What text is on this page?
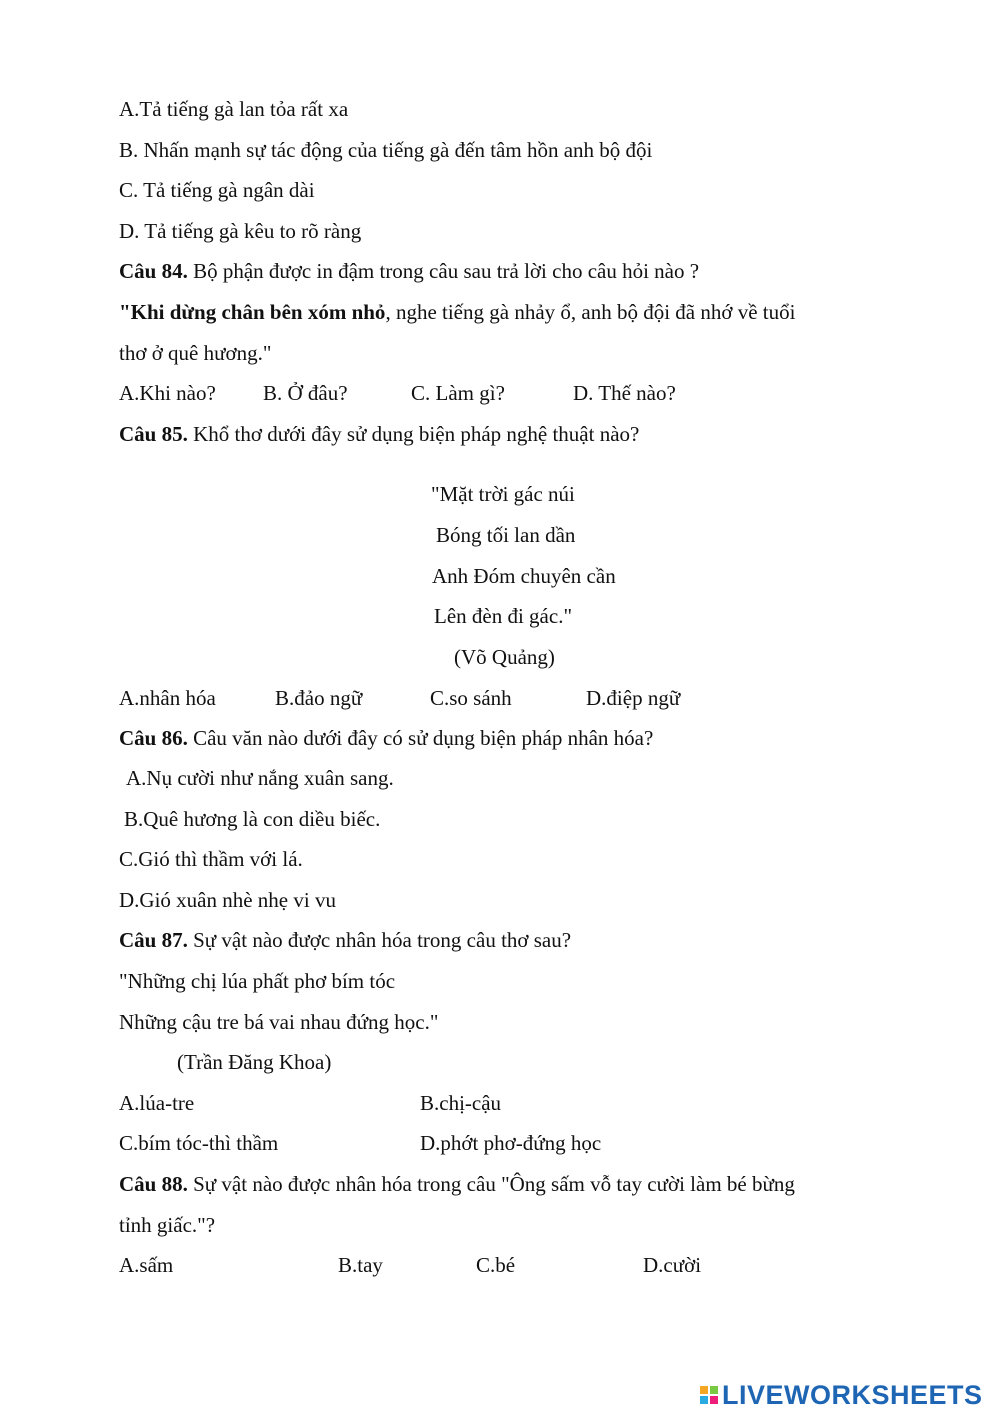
A.Tả tiếng gà lan tỏa rất xa
B. Nhấn mạnh sự tác động của tiếng gà đến tâm hồn anh bộ đội
C. Tả tiếng gà ngân dài
D. Tả tiếng gà kêu to rõ ràng
Câu 84. Bộ phận được in đậm trong câu sau trả lời cho câu hỏi nào ?
"Khi dừng chân bên xóm nhỏ, nghe tiếng gà nhảy ổ, anh bộ đội đã nhớ về tuổi
thơ ở quê hương."
A.Khi nào? B. Ở đâu?	C. Làm gì?	D. Thế nào?
Câu 85. Khổ thơ dưới đây sử dụng biện pháp nghệ thuật nào?
"Mặt trời gác núi
Bóng tối lan dần
Anh Đóm chuyên cần
Lên đèn đi gác."
(Võ Quảng)
A.nhân hóa	B.đảo ngữ	C.so sánh	D.điệp ngữ
Câu 86. Câu văn nào dưới đây có sử dụng biện pháp nhân hóa?
A.Nụ cười như nắng xuân sang.
B.Quê hương là con diều biếc.
C.Gió thì thầm với lá.
D.Gió xuân nhè nhẹ vi vu
Câu 87. Sự vật nào được nhân hóa trong câu thơ sau?
"Những chị lúa phất phơ bím tóc
Những cậu tre bá vai nhau đứng học."
(Trần Đăng Khoa)
A.lúa-tre	B.chị-cậu
C.bím tóc-thì thầm	D.phớt phơ-đứng học
Câu 88. Sự vật nào được nhân hóa trong câu "Ông sấm vỗ tay cười làm bé bừng
tỉnh giấc."?
A.sấm	B.tay	C.bé	D.cười
LIVEWORKSHEETS
